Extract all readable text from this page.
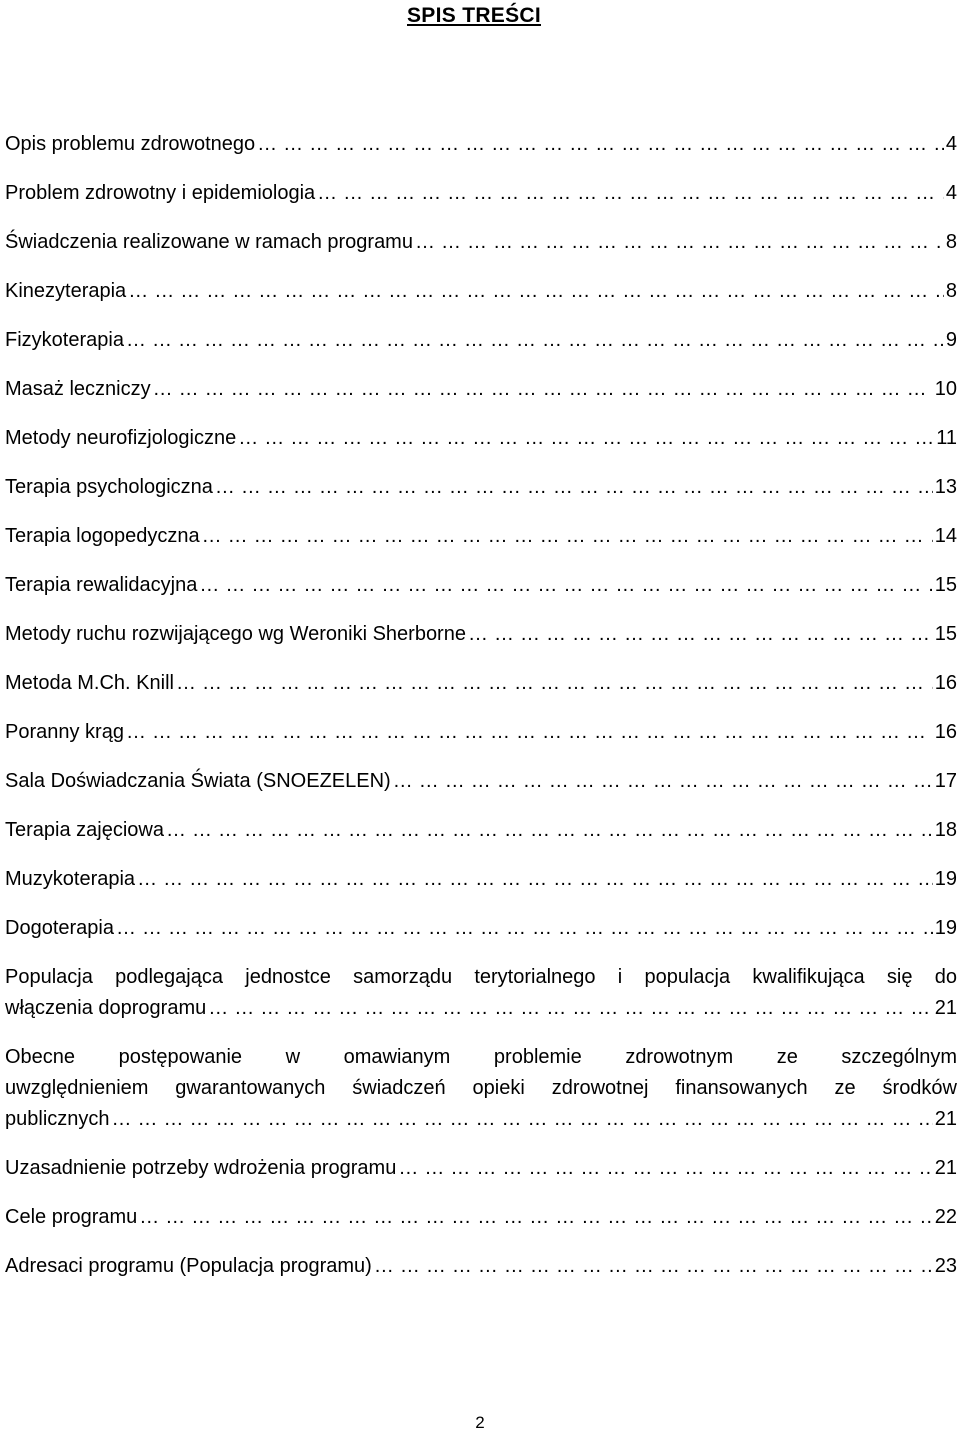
SPIS TREŚCI
Opis problemu zdrowotnego …………………………………………………………………………………………………………………………………………………………………………………………………………………………………………	4
Problem zdrowotny i epidemiologia …………………………………………………………………………………………………………………………………………………………………………………………………………………………………………	4
Świadczenia realizowane w ramach programu …………………………………………………………………………………………………………………………………………………………………………………………………………………………………………	8
Kinezyterapia …………………………………………………………………………………………………………………………………………………………………………………………………………………………………………	8
Fizykoterapia …………………………………………………………………………………………………………………………………………………………………………………………………………………………………………	9
Masaż leczniczy …………………………………………………………………………………………………………………………………………………………………………………………………………………………………………	10
Metody neurofizjologiczne …………………………………………………………………………………………………………………………………………………………………………………………………………………………………………	11
Terapia psychologiczna …………………………………………………………………………………………………………………………………………………………………………………………………………………………………………	13
Terapia logopedyczna …………………………………………………………………………………………………………………………………………………………………………………………………………………………………………	14
Terapia rewalidacyjna …………………………………………………………………………………………………………………………………………………………………………………………………………………………………………	15
Metody ruchu rozwijającego wg Weroniki Sherborne …………………………………………………………………………………………………………………………………………………………………………………………………………………………………………	15
Metoda M.Ch. Knill …………………………………………………………………………………………………………………………………………………………………………………………………………………………………………	16
Poranny krąg …………………………………………………………………………………………………………………………………………………………………………………………………………………………………………	16
Sala Doświadczania Świata (SNOEZELEN) …………………………………………………………………………………………………………………………………………………………………………………………………………………………………………	17
Terapia zajęciowa …………………………………………………………………………………………………………………………………………………………………………………………………………………………………………	18
Muzykoterapia …………………………………………………………………………………………………………………………………………………………………………………………………………………………………………	19
Dogoterapia …………………………………………………………………………………………………………………………………………………………………………………………………………………………………………	19
Populacja podlegająca jednostce samorządu terytorialnego i populacja kwalifikująca się do
włączenia doprogramu …………………………………………………………………………………………………………………………………………………………………………………………………………………………………………	21
Obecne postępowanie w omawianym problemie zdrowotnym ze szczególnym
uwzględnieniem gwarantowanych świadczeń opieki zdrowotnej finansowanych ze środków
publicznych …………………………………………………………………………………………………………………………………………………………………………………………………………………………………………	21
Uzasadnienie potrzeby wdrożenia programu …………………………………………………………………………………………………………………………………………………………………………………………………………………………………………	21
Cele programu …………………………………………………………………………………………………………………………………………………………………………………………………………………………………………	22
Adresaci programu (Populacja programu) …………………………………………………………………………………………………………………………………………………………………………………………………………………………………………	23
2
